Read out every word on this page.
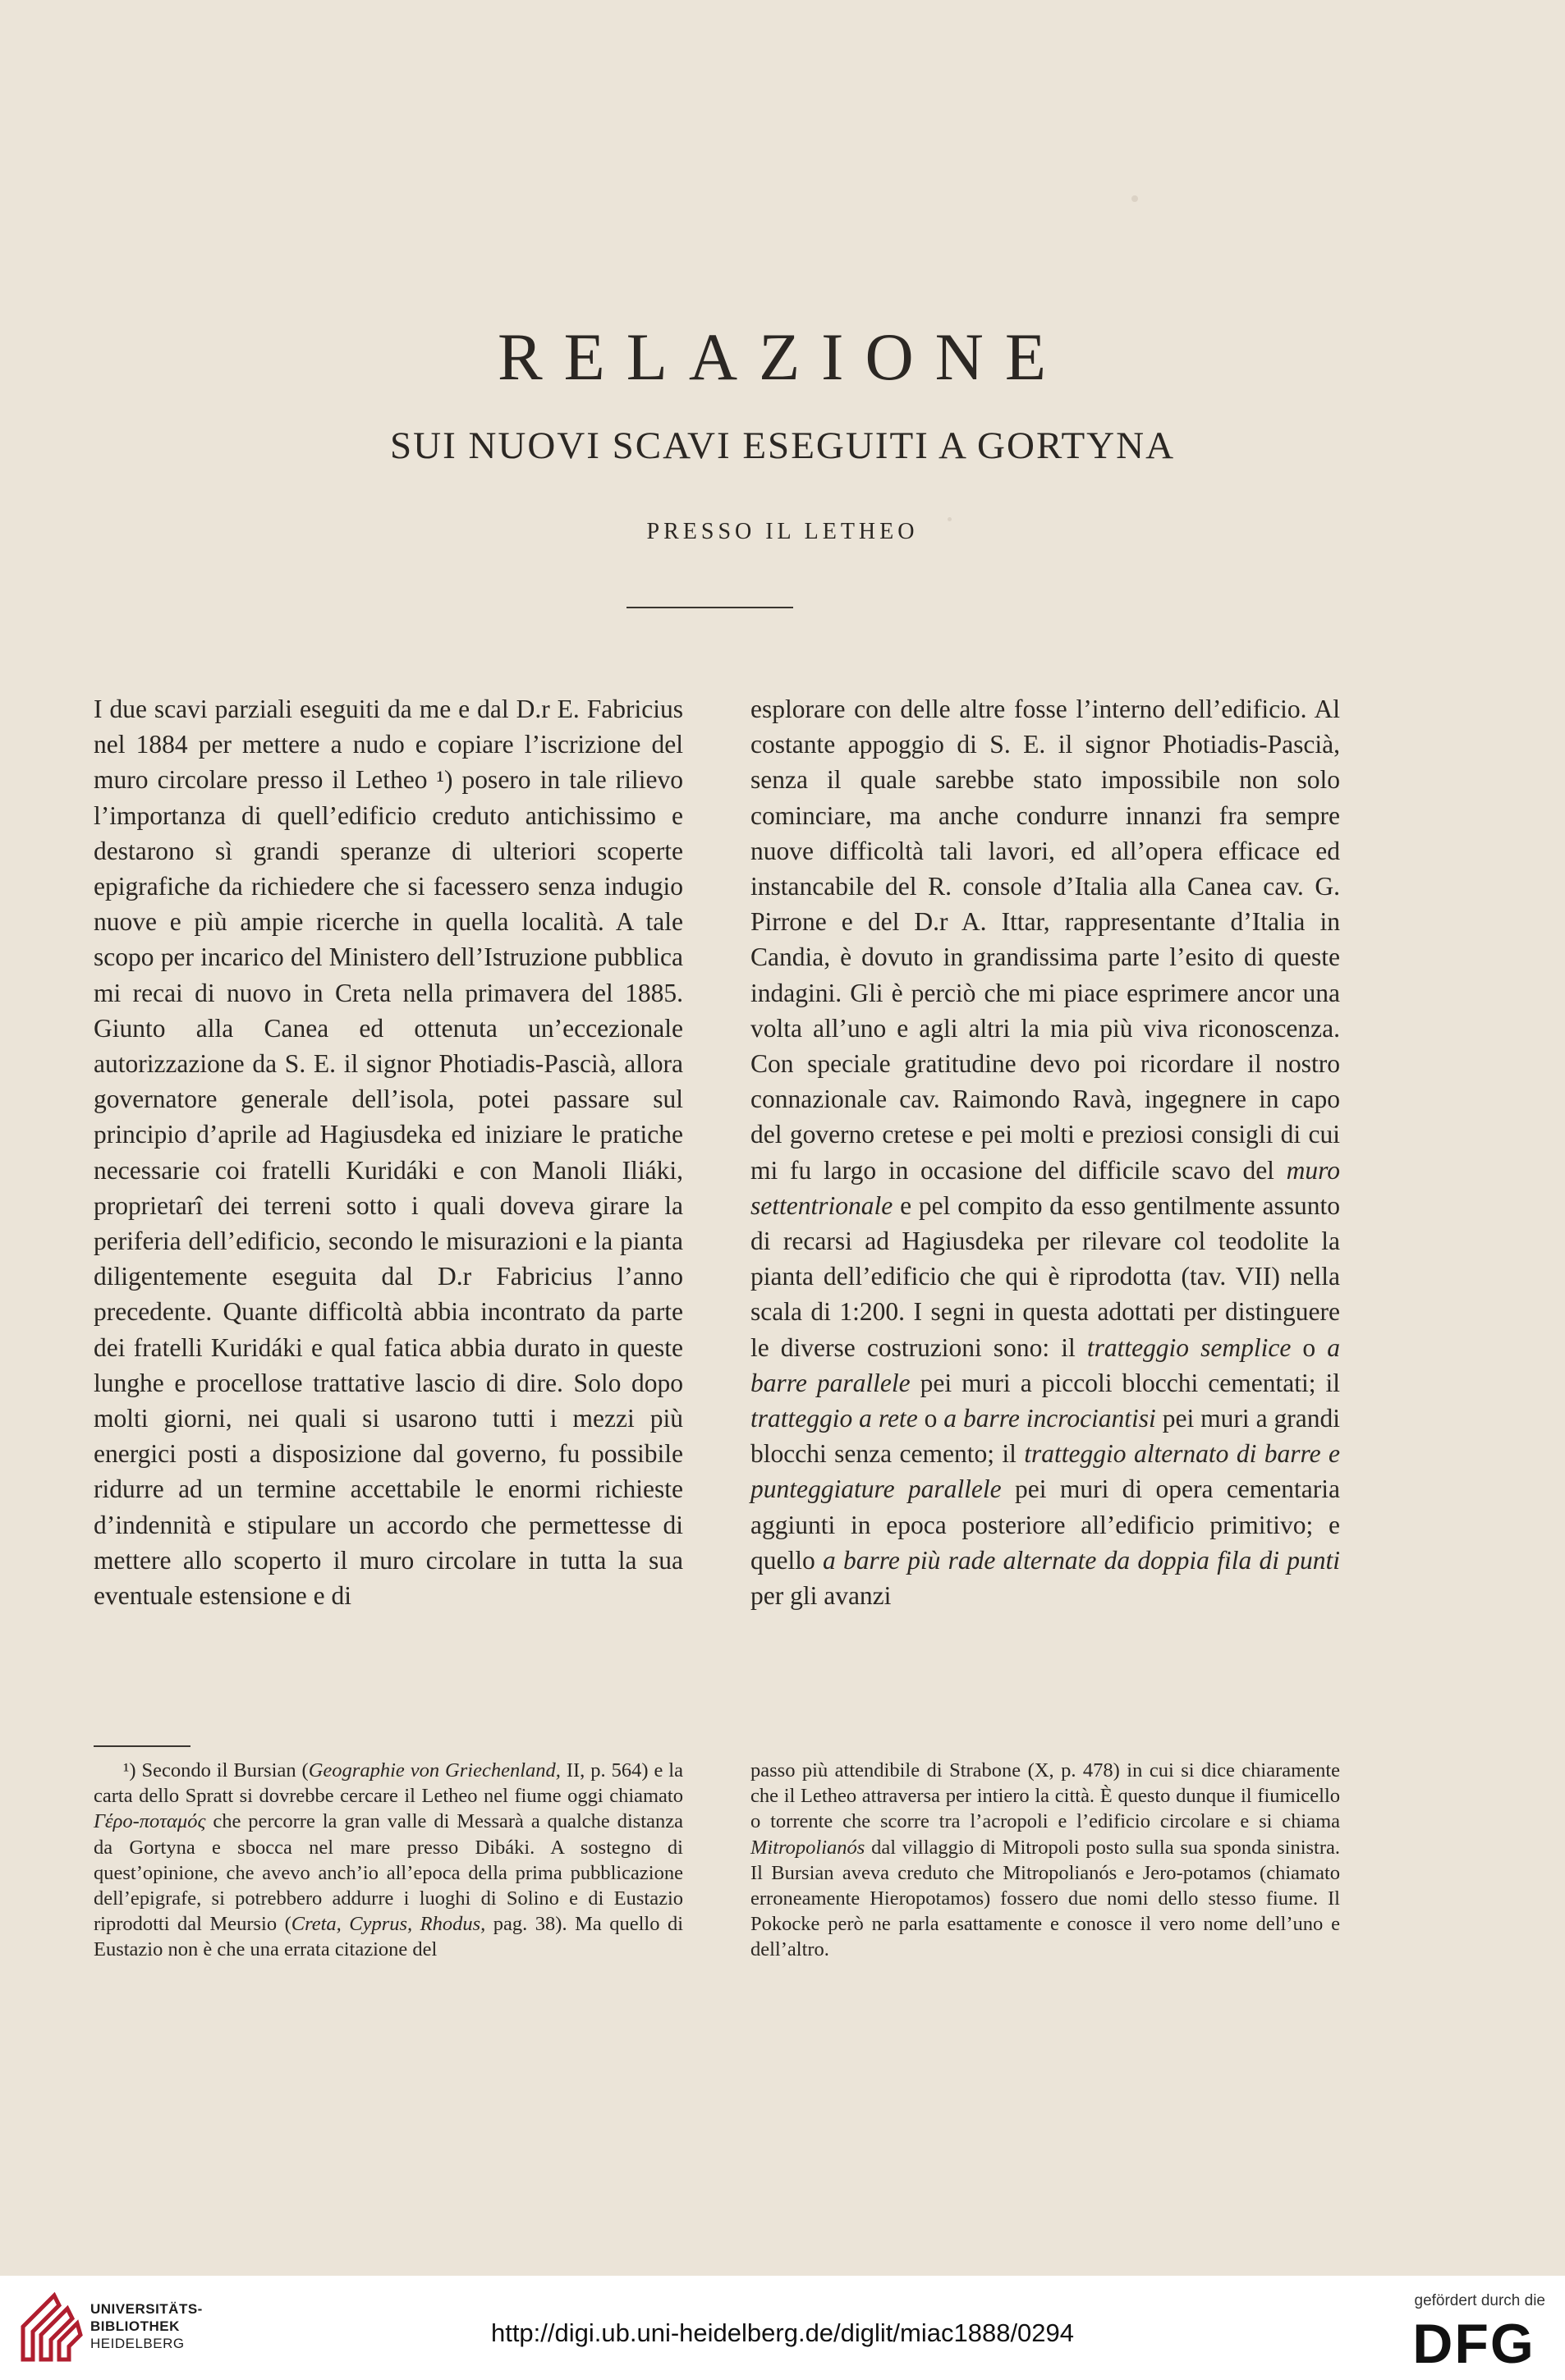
RELAZIONE
SUI NUOVI SCAVI ESEGUITI A GORTYNA
PRESSO IL LETHEO

I due scavi parziali eseguiti da me e dal D.r E. Fabricius nel 1884 per mettere a nudo e copiare l’iscrizione del muro circolare presso il Letheo ¹) posero in tale rilievo l’importanza di quell’edificio creduto antichissimo e destarono sì grandi speranze di ulteriori scoperte epigrafiche da richiedere che si facessero senza indugio nuove e più ampie ricerche in quella località. A tale scopo per incarico del Ministero dell’Istruzione pubblica mi recai di nuovo in Creta nella primavera del 1885. Giunto alla Canea ed ottenuta un’eccezionale autorizzazione da S. E. il signor Photiadis-Pascià, allora governatore generale dell’isola, potei passare sul principio d’aprile ad Hagiusdeka ed iniziare le pratiche necessarie coi fratelli Kuridáki e con Manoli Iliáki, proprietarî dei terreni sotto i quali doveva girare la periferia dell’edificio, secondo le misurazioni e la pianta diligentemente eseguita dal D.r Fabricius l’anno precedente. Quante difficoltà abbia incontrato da parte dei fratelli Kuridáki e qual fatica abbia durato in queste lunghe e procellose trattative lascio di dire. Solo dopo molti giorni, nei quali si usarono tutti i mezzi più energici posti a disposizione dal governo, fu possibile ridurre ad un termine accettabile le enormi richieste d’indennità e stipulare un accordo che permettesse di mettere allo scoperto il muro circolare in tutta la sua eventuale estensione e di

esplorare con delle altre fosse l’interno dell’edificio. Al costante appoggio di S. E. il signor Photiadis-Pascià, senza il quale sarebbe stato impossibile non solo cominciare, ma anche condurre innanzi fra sempre nuove difficoltà tali lavori, ed all’opera efficace ed instancabile del R. console d’Italia alla Canea cav. G. Pirrone e del D.r A. Ittar, rappresentante d’Italia in Candia, è dovuto in grandissima parte l’esito di queste indagini. Gli è perciò che mi piace esprimere ancor una volta all’uno e agli altri la mia più viva riconoscenza. Con speciale gratitudine devo poi ricordare il nostro connazionale cav. Raimondo Ravà, ingegnere in capo del governo cretese e pei molti e preziosi consigli di cui mi fu largo in occasione del difficile scavo del muro settentrionale e pel compito da esso gentilmente assunto di recarsi ad Hagiusdeka per rilevare col teodolite la pianta dell’edificio che qui è riprodotta (tav. VII) nella scala di 1:200. I segni in questa adottati per distinguere le diverse costruzioni sono: il tratteggio semplice o a barre parallele pei muri a piccoli blocchi cementati; il tratteggio a rete o a barre incrociantisi pei muri a grandi blocchi senza cemento; il tratteggio alternato di barre e punteggiature parallele pei muri di opera cementaria aggiunti in epoca posteriore all’edificio primitivo; e quello a barre più rade alternate da doppia fila di punti per gli avanzi

¹) Secondo il Bursian (Geographie von Griechenland, II, p. 564) e la carta dello Spratt si dovrebbe cercare il Letheo nel fiume oggi chiamato Γέρο-ποταμός che percorre la gran valle di Messarà a qualche distanza da Gortyna e sbocca nel mare presso Dibáki. A sostegno di quest’opinione, che avevo anch’io all’epoca della prima pubblicazione dell’epigrafe, si potrebbero addurre i luoghi di Solino e di Eustazio riprodotti dal Meursio (Creta, Cyprus, Rhodus, pag. 38). Ma quello di Eustazio non è che una errata citazione del

passo più attendibile di Strabone (X, p. 478) in cui si dice chiaramente che il Letheo attraversa per intiero la città. È questo dunque il fiumicello o torrente che scorre tra l’acropoli e l’edificio circolare e si chiama Mitropolianós dal villaggio di Mitropoli posto sulla sua sponda sinistra. Il Bursian aveva creduto che Mitropolianós e Jero-potamos (chiamato erroneamente Hieropotamos) fossero due nomi dello stesso fiume. Il Pokocke però ne parla esattamente e conosce il vero nome dell’uno e dell’altro.

UNIVERSITÄTS-
BIBLIOTHEK
HEIDELBERG	http://digi.ub.uni-heidelberg.de/diglit/miac1888/0294
gefördert durch die
DFG
